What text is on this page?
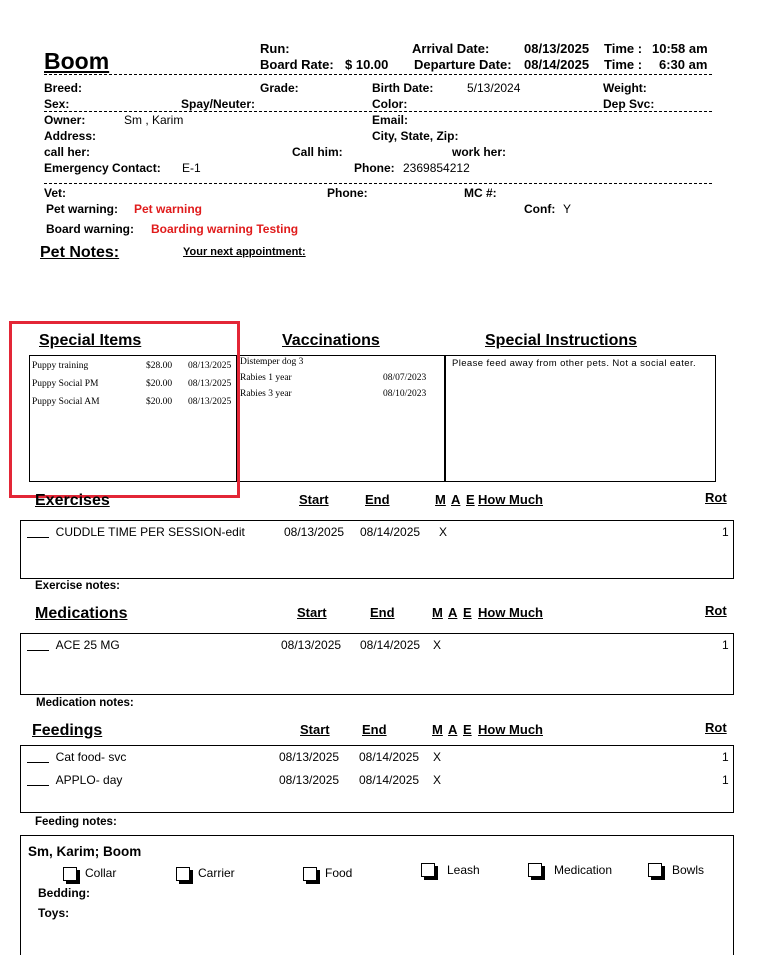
Boom	Run:
Board Rate: $ 10.00
Arrival Date:	08/13/2025 Time : 10:58 am
Departure Date: 08/14/2025 Time : 6:30 am
Breed:	Grade:	Birth Date:	5/13/2024	Weight:
Sex:	Spay/Neuter:	Color:	Dep Svc:
Owner:	Sm , Karim	Email:
Address:	City, State, Zip:
call her:	Call him:	work her:
Emergency Contact: E-1	Phone: 2369854212
Vet:	Phone:	MC #:
Pet warning: Pet warning	Conf: Y
Board warning: Boarding warning Testing
Pet Notes:	Your next appointment:
Special Items	Vaccinations	Special Instructions
Puppy training	$28.00 08/13/2025
Puppy Social PM	$20.00 08/13/2025
Puppy Social AM	$20.00 08/13/2025
Distemper dog 3
Rabies 1 year	08/07/2023
Rabies 3 year	08/10/2023
Please feed away from other pets. Not a social eater.
Exercises	Start	End	M A E How Much	Rot
CUDDLE TIME PER SESSION-edit	08/13/2025 08/14/2025 X	1
Exercise notes:
Medications	Start	End	M A E How Much	Rot
ACE 25 MG	08/13/2025 08/14/2025 X	1
Medication notes:
Feedings	Start End	M A E How Much	Rot
Cat food- svc	08/13/2025 08/14/2025 X	1
APPLO- day	08/13/2025 08/14/2025 X	1
Feeding notes:
Sm, Karim; Boom
Collar	Carrier	Food	Leash	Medication	Bowls
Bedding:
Toys:
